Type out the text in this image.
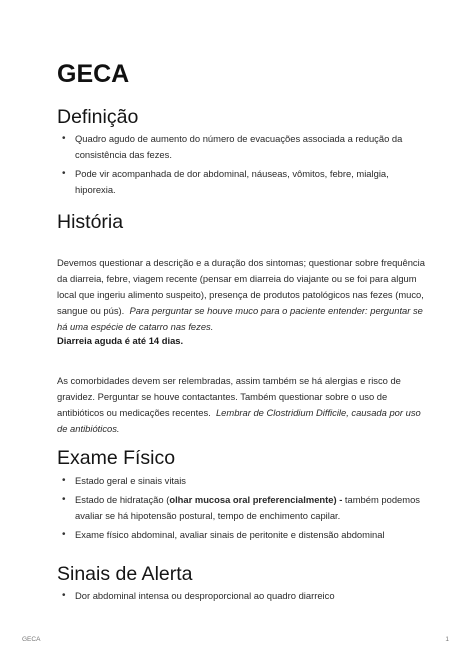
GECA
Definição
• Quadro agudo de aumento do número de evacuações associada a redução da consistência das fezes.
• Pode vir acompanhada de dor abdominal, náuseas, vômitos, febre, mialgia, hiporexia.
História

Devemos questionar a descrição e a duração dos sintomas; questionar sobre frequência da diarreia, febre, viagem recente (pensar em diarreia do viajante ou se foi para algum local que ingeriu alimento suspeito), presença de produtos patológicos nas fezes (muco, sangue ou pús). Para perguntar se houve muco para o paciente entender: perguntar se há uma espécie de catarro nas fezes.

Diarreia aguda é até 14 dias.

As comorbidades devem ser relembradas, assim também se há alergias e risco de gravidez. Perguntar se houve contactantes. Também questionar sobre o uso de antibióticos ou medicações recentes. Lembrar de Clostridium Difficile, causada por uso de antibióticos.

Exame Físico
• Estado geral e sinais vitais
• Estado de hidratação (olhar mucosa oral preferencialmente) - também podemos avaliar se há hipotensão postural, tempo de enchimento capilar.
• Exame físico abdominal, avaliar sinais de peritonite e distensão abdominal
Sinais de Alerta
• Dor abdominal intensa ou desproporcional ao quadro diarreico
GECA	1
